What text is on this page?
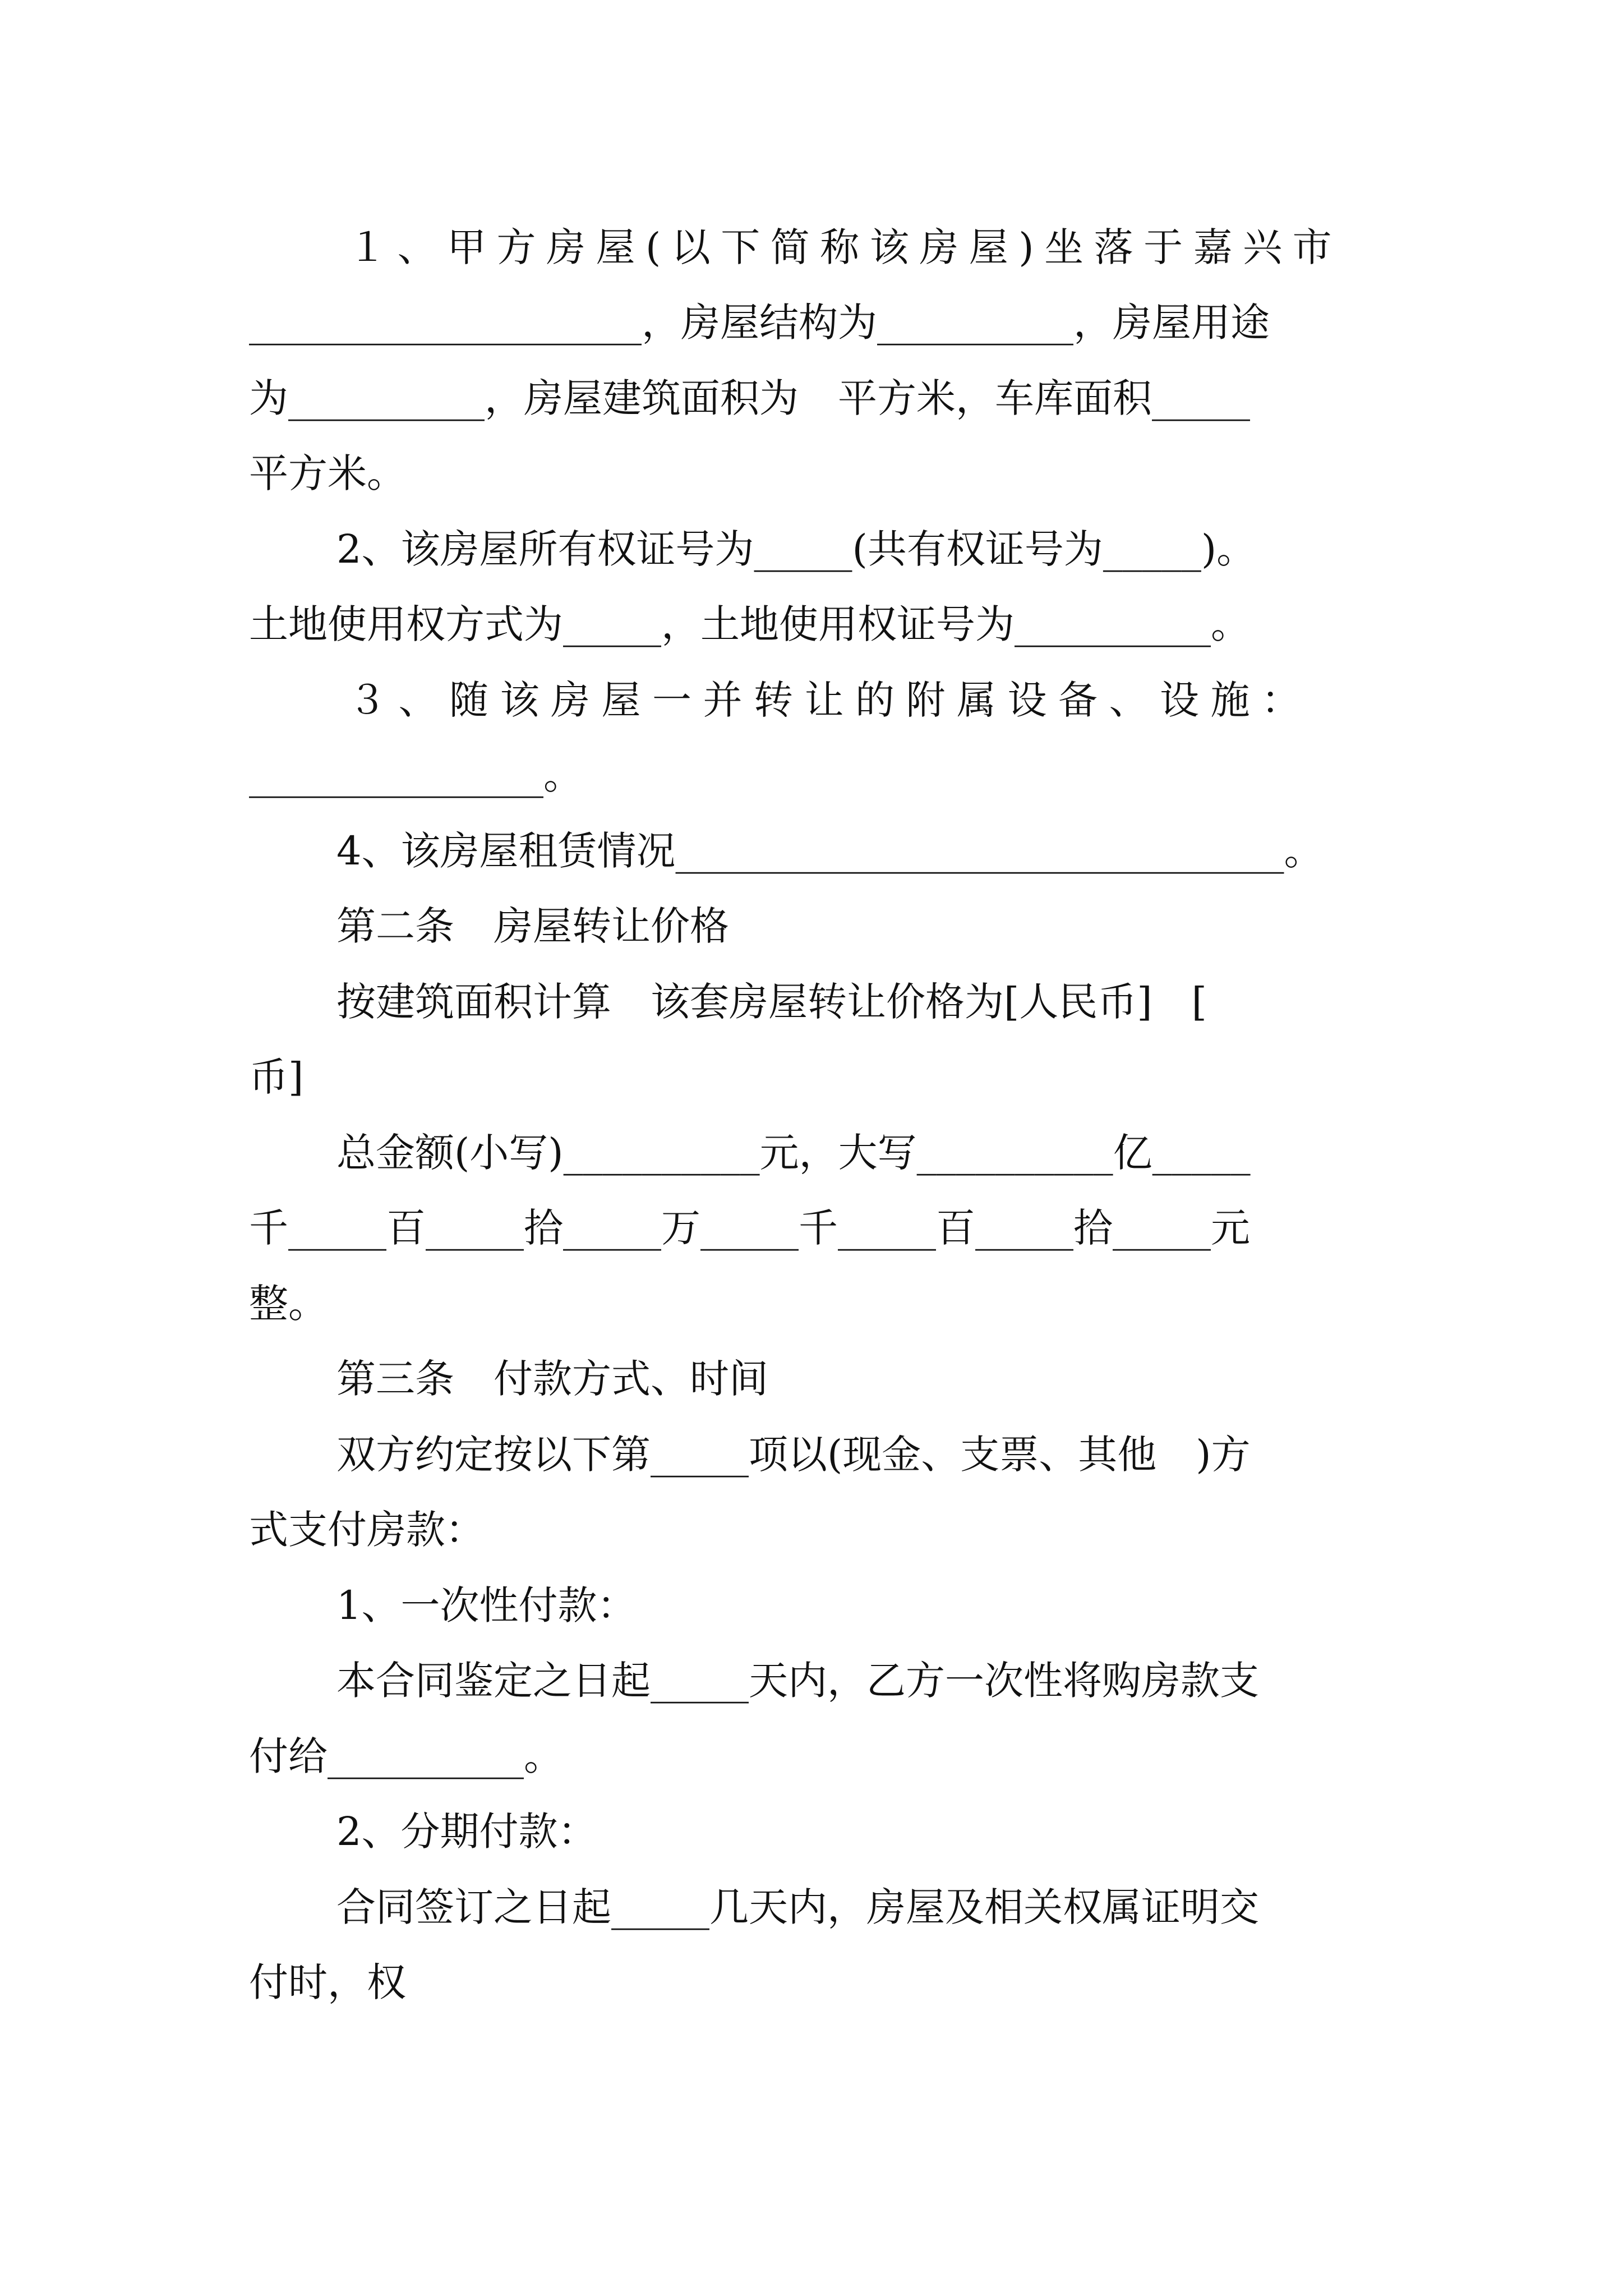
１、甲方房屋(以下简称该房屋)坐落于嘉兴市

____________________，房屋结构为__________，房屋用途

为__________，房屋建筑面积为　平方米，车库面积_____

平方米。

2、该房屋所有权证号为_____(共有权证号为_____)。

土地使用权方式为_____，土地使用权证号为__________。

３、随该房屋一并转让的附属设备、设施：

_______________。

4、该房屋租赁情况_______________________________。

第二条　房屋转让价格

按建筑面积计算　该套房屋转让价格为[人民币]　[

币]

总金额(小写)__________元，大写__________亿_____

千_____百_____拾_____万_____千_____百_____拾_____元

整。

第三条　付款方式、时间

双方约定按以下第_____项以(现金、支票、其他　)方

式支付房款：

1、一次性付款：

本合同鉴定之日起_____天内，乙方一次性将购房款支

付给__________。

2、分期付款：

合同签订之日起_____几天内，房屋及相关权属证明交

付时，权
